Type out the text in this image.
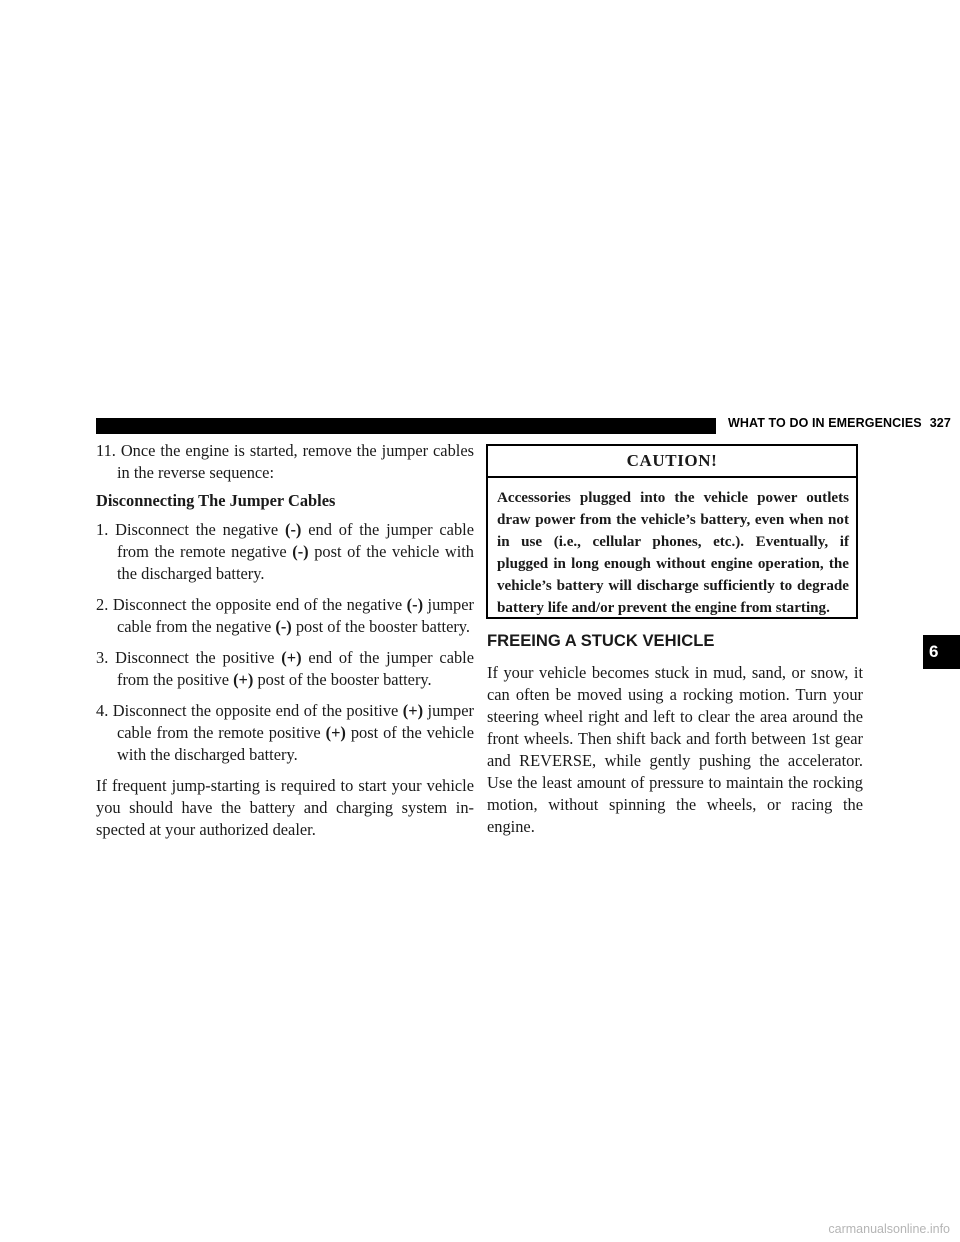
WHAT TO DO IN EMERGENCIES 327
6

11. Once the engine is started, remove the jumper cables in the reverse sequence:

Disconnecting The Jumper Cables

1. Disconnect the negative (-) end of the jumper cable from the remote negative (-) post of the vehicle with the discharged battery.

2. Disconnect the opposite end of the negative (-) jumper cable from the negative (-) post of the booster battery.

3. Disconnect the positive (+) end of the jumper cable from the positive (+) post of the booster battery.

4. Disconnect the opposite end of the positive (+) jumper cable from the remote positive (+) post of the vehicle with the discharged battery.

If frequent jump-starting is required to start your vehicle you should have the battery and charging system in-spected at your authorized dealer.

CAUTION!
Accessories plugged into the vehicle power outlets draw power from the vehicle’s battery, even when not in use (i.e., cellular phones, etc.). Eventually, if plugged in long enough without engine operation, the vehicle’s battery will discharge sufficiently to degrade battery life and/or prevent the engine from starting.
FREEING A STUCK VEHICLE

If your vehicle becomes stuck in mud, sand, or snow, it can often be moved using a rocking motion. Turn your steering wheel right and left to clear the area around the front wheels. Then shift back and forth between 1st gear and REVERSE, while gently pushing the accelerator. Use the least amount of pressure to maintain the rocking motion, without spinning the wheels, or racing the engine.

carmanualsonline.info
